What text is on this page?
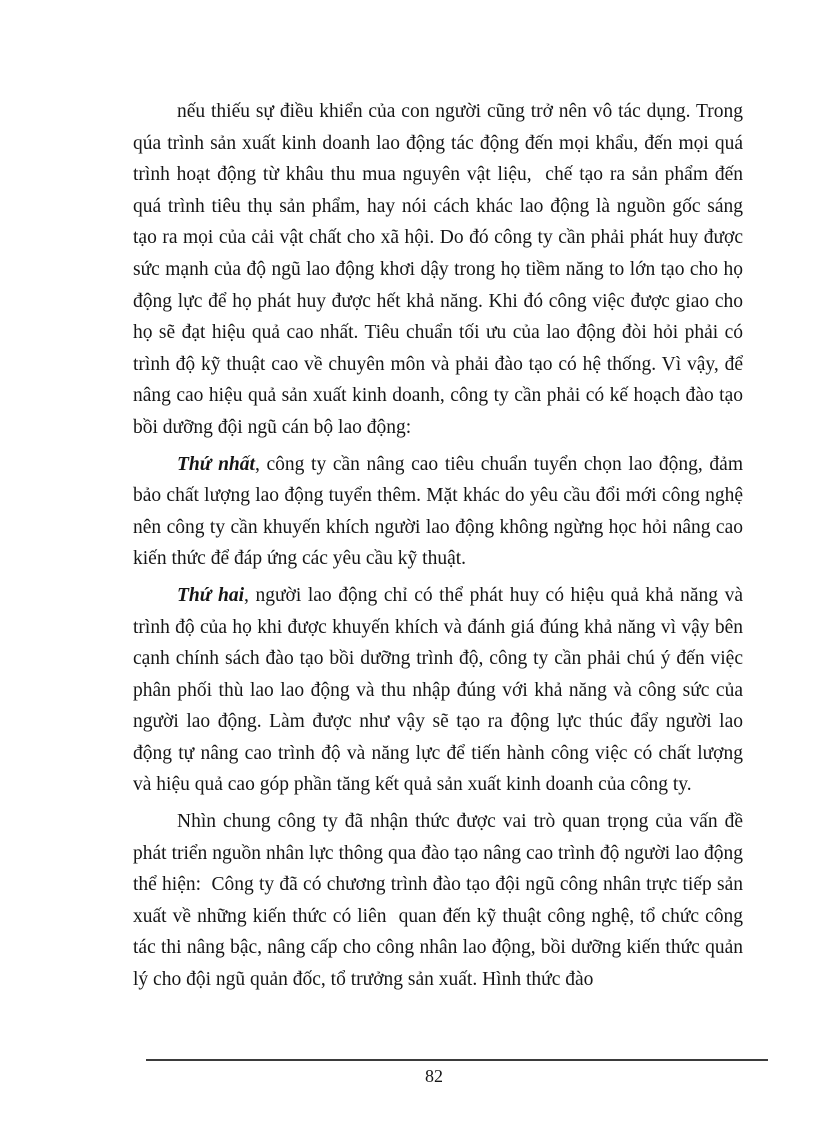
nếu thiếu sự điều khiển của con người cũng trở nên vô tác dụng. Trong qúa trình sản xuất kinh doanh lao động tác động đến mọi khẩu, đến mọi quá trình hoạt động từ khâu thu mua nguyên vật liệu,  chế tạo ra sản phẩm đến quá trình tiêu thụ sản phẩm, hay nói cách khác lao động là nguồn gốc sáng tạo ra mọi của cải vật chất cho xã hội. Do đó công ty cần phải phát huy được sức mạnh của độ ngũ lao động khơi dậy trong họ tiềm năng to lớn tạo cho họ động lực để họ phát huy được hết khả năng. Khi đó công việc được giao cho họ sẽ đạt hiệu quả cao nhất. Tiêu chuẩn tối ưu của lao động đòi hỏi phải có trình độ kỹ thuật cao về chuyên môn và phải đào tạo có hệ thống. Vì vậy, để nâng cao hiệu quả sản xuất kinh doanh, công ty cần phải có kế hoạch đào tạo bồi dưỡng đội ngũ cán bộ lao động:

Thứ nhất, công ty cần nâng cao tiêu chuẩn tuyển chọn lao động, đảm bảo chất lượng lao động tuyển thêm. Mặt khác do yêu cầu đổi mới công nghệ nên công ty cần khuyến khích người lao động không ngừng học hỏi nâng cao kiến thức để đáp ứng các yêu cầu kỹ thuật.

Thứ hai, người lao động chỉ có thể phát huy có hiệu quả khả năng và trình độ của họ khi được khuyến khích và đánh giá đúng khả năng vì vậy bên cạnh chính sách đào tạo bồi dưỡng trình độ, công ty cần phải chú ý đến việc phân phối thù lao lao động và thu nhập đúng với khả năng và công sức của người lao động. Làm được như vậy sẽ tạo ra động lực thúc đẩy người lao động tự nâng cao trình độ và năng lực để tiến hành công việc có chất lượng và hiệu quả cao góp phần tăng kết quả sản xuất kinh doanh của công ty.

Nhìn chung công ty đã nhận thức được vai trò quan trọng của vấn đề phát triển nguồn nhân lực thông qua đào tạo nâng cao trình độ người lao động thể hiện:  Công ty đã có chương trình đào tạo đội ngũ công nhân trực tiếp sản xuất về những kiến thức có liên  quan đến kỹ thuật công nghệ, tổ chức công tác thi nâng bậc, nâng cấp cho công nhân lao động, bồi dưỡng kiến thức quản lý cho đội ngũ quản đốc, tổ trưởng sản xuất. Hình thức đào

82
